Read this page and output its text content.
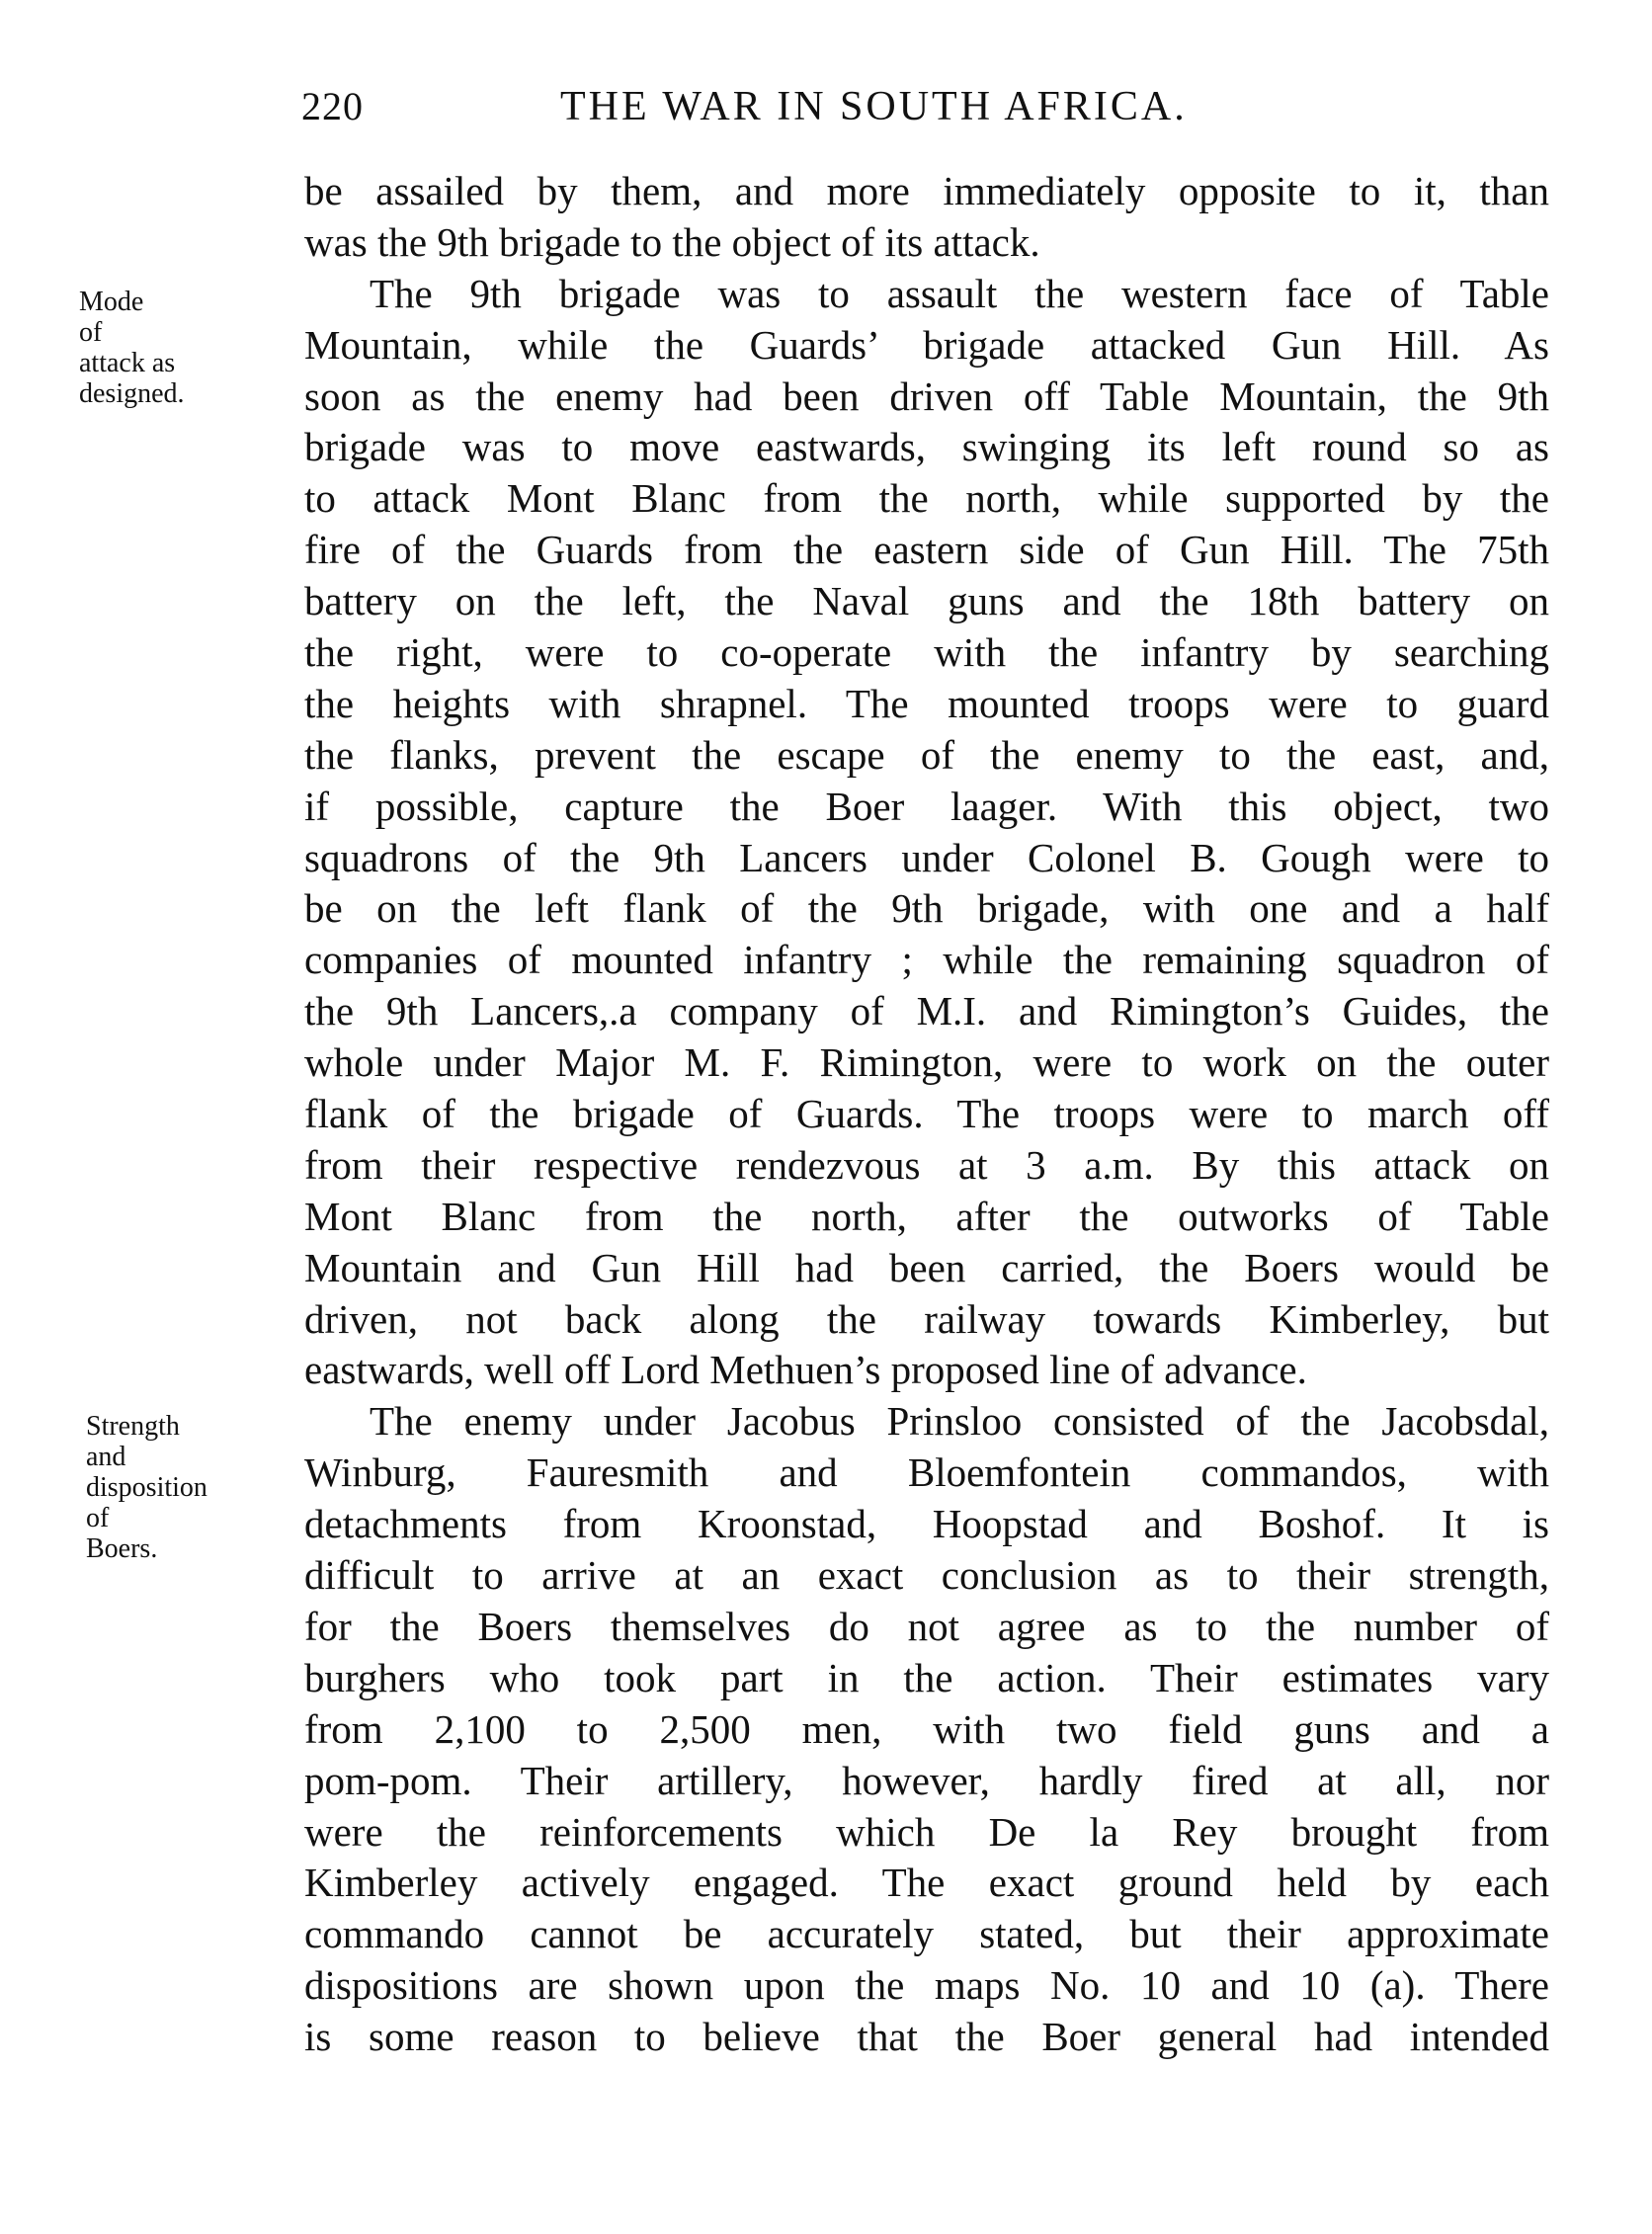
220	THE WAR IN SOUTH AFRICA.
Mode
of
attack as
designed.
Strength
and
disposition
of
Boers.
be assailed by them, and more immediately opposite to it, than
was the 9th brigade to the object of its attack.
The 9th brigade was to assault the western face of Table
Mountain, while the Guards’ brigade attacked Gun Hill. As
soon as the enemy had been driven off Table Mountain, the 9th
brigade was to move eastwards, swinging its left round so as
to attack Mont Blanc from the north, while supported by the
fire of the Guards from the eastern side of Gun Hill. The 75th
battery on the left, the Naval guns and the 18th battery on
the right, were to co-operate with the infantry by searching
the heights with shrapnel. The mounted troops were to guard
the flanks, prevent the escape of the enemy to the east, and,
if possible, capture the Boer laager. With this object, two
squadrons of the 9th Lancers under Colonel B. Gough were to
be on the left flank of the 9th brigade, with one and a half
companies of mounted infantry ; while the remaining squadron of
the 9th Lancers,.a company of M.I. and Rimington’s Guides, the
whole under Major M. F. Rimington, were to work on the outer
flank of the brigade of Guards. The troops were to march off
from their respective rendezvous at 3 a.m. By this attack on
Mont Blanc from the north, after the outworks of Table
Mountain and Gun Hill had been carried, the Boers would be
driven, not back along the railway towards Kimberley, but
eastwards, well off Lord Methuen’s proposed line of advance.
The enemy under Jacobus Prinsloo consisted of the Jacobsdal,
Winburg, Fauresmith and Bloemfontein commandos, with
detachments from Kroonstad, Hoopstad and Boshof. It is
difficult to arrive at an exact conclusion as to their strength,
for the Boers themselves do not agree as to the number of
burghers who took part in the action. Their estimates vary
from 2,100 to 2,500 men, with two field guns and a
pom-pom. Their artillery, however, hardly fired at all, nor
were the reinforcements which De la Rey brought from
Kimberley actively engaged. The exact ground held by each
commando cannot be accurately stated, but their approximate
dispositions are shown upon the maps No. 10 and 10 (a). There
is some reason to believe that the Boer general had intended
